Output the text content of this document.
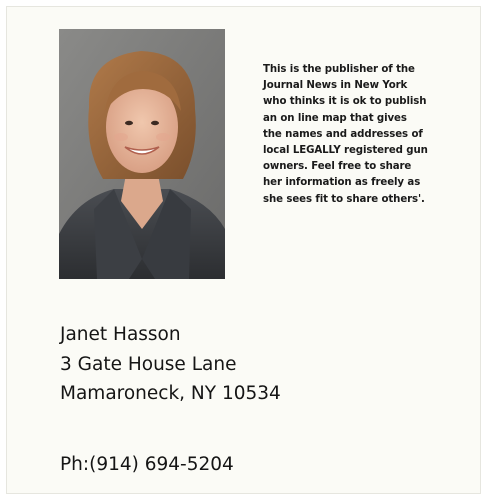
This is the publisher of the
Journal News in New York
who thinks it is ok to publish
an on line map that gives
the names and addresses of
local LEGALLY registered gun
owners. Feel free to share
her information as freely as
she sees fit to share others'.
Janet Hasson
3 Gate House Lane
Mamaroneck, NY 10534
Ph:(914) 694-5204
